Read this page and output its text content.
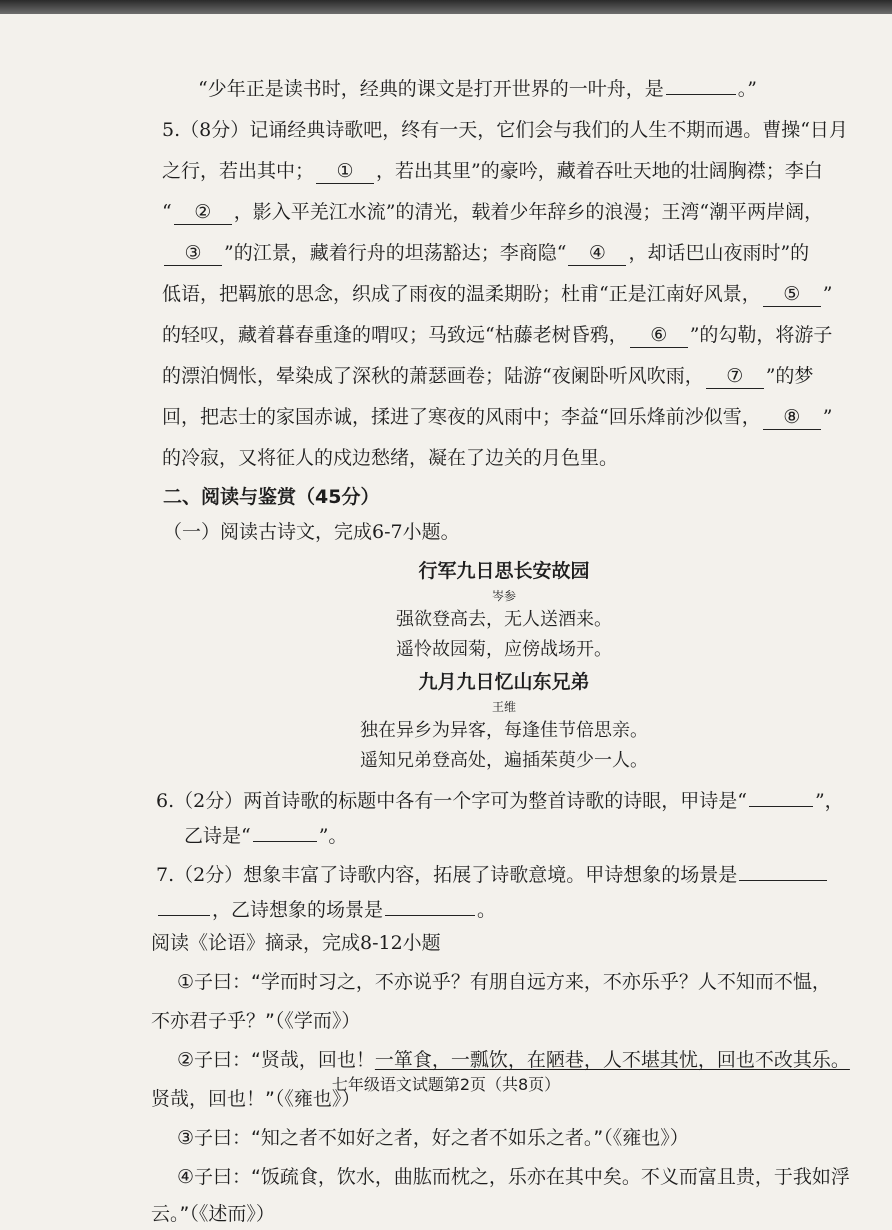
“少年正是读书时，经典的课文是打开世界的一叶舟，是	。”
5.（8分）记诵经典诗歌吧，终有一天，它们会与我们的人生不期而遇。曹操“日月
之行，若出其中； ① ，若出其里”的豪吟，藏着吞吐天地的壮阔胸襟；李白
“ ② ，影入平羌江水流”的清光，载着少年辞乡的浪漫；王湾“潮平两岸阔，
③ ”的江景，藏着行舟的坦荡豁达；李商隐“ ④ ，却话巴山夜雨时”的
低语，把羁旅的思念，织成了雨夜的温柔期盼；杜甫“正是江南好风景， ⑤ ”
的轻叹，藏着暮春重逢的喟叹；马致远“枯藤老树昏鸦， ⑥ ”的勾勒，将游子
的漂泊惆怅，晕染成了深秋的萧瑟画卷；陆游“夜阑卧听风吹雨， ⑦ ”的梦
回，把志士的家国赤诚，揉进了寒夜的风雨中；李益“回乐烽前沙似雪， ⑧ ”
的冷寂，又将征人的戍边愁绪，凝在了边关的月色里。
二、阅读与鉴赏（45分）
（一）阅读古诗文，完成6-7小题。
行军九日思长安故园
岑参
强欲登高去，无人送酒来。
遥怜故园菊，应傍战场开。
九月九日忆山东兄弟
王维
独在异乡为异客，每逢佳节倍思亲。
遥知兄弟登高处，遍插茱萸少一人。
6.（2分）两首诗歌的标题中各有一个字可为整首诗歌的诗眼，甲诗是“	”，
乙诗是“	”。
7.（2分）想象丰富了诗歌内容，拓展了诗歌意境。甲诗想象的场景是
，乙诗想象的场景是	。
阅读《论语》摘录，完成8-12小题
①子曰：“学而时习之，不亦说乎？有朋自远方来，不亦乐乎？人不知而不愠，
不亦君子乎？”（《学而》）
②子曰：“贤哉，回也！一箪食，一瓢饮，在陋巷，人不堪其忧，回也不改其乐。
贤哉，回也！”（《雍也》）
③子曰：“知之者不如好之者，好之者不如乐之者。”（《雍也》）
④子曰：“饭疏食，饮水，曲肱而枕之，乐亦在其中矣。不义而富且贵，于我如浮
云。”（《述而》）
七年级语文试题第2页（共8页）
